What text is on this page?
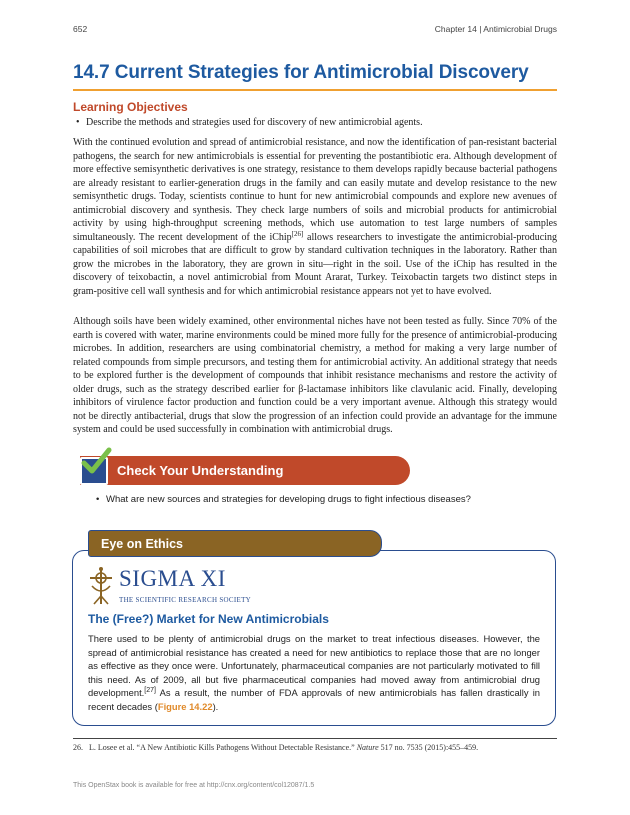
652	Chapter 14 | Antimicrobial Drugs
14.7 Current Strategies for Antimicrobial Discovery
Learning Objectives
• Describe the methods and strategies used for discovery of new antimicrobial agents.

With the continued evolution and spread of antimicrobial resistance, and now the identification of pan-resistant bacterial pathogens, the search for new antimicrobials is essential for preventing the postantibiotic era. Although development of more effective semisynthetic derivatives is one strategy, resistance to them develops rapidly because bacterial pathogens are already resistant to earlier-generation drugs in the family and can easily mutate and develop resistance to the new semisynthetic drugs. Today, scientists continue to hunt for new antimicrobial compounds and explore new avenues of antimicrobial discovery and synthesis. They check large numbers of soils and microbial products for antimicrobial activity by using high-throughput screening methods, which use automation to test large numbers of samples simultaneously. The recent development of the iChip[26] allows researchers to investigate the antimicrobial-producing capabilities of soil microbes that are difficult to grow by standard cultivation techniques in the laboratory. Rather than grow the microbes in the laboratory, they are grown in situ—right in the soil. Use of the iChip has resulted in the discovery of teixobactin, a novel antimicrobial from Mount Ararat, Turkey. Teixobactin targets two distinct steps in gram-positive cell wall synthesis and for which antimicrobial resistance appears not yet to have evolved.

Although soils have been widely examined, other environmental niches have not been tested as fully. Since 70% of the earth is covered with water, marine environments could be mined more fully for the presence of antimicrobial-producing microbes. In addition, researchers are using combinatorial chemistry, a method for making a very large number of related compounds from simple precursors, and testing them for antimicrobial activity. An additional strategy that needs to be explored further is the development of compounds that inhibit resistance mechanisms and restore the activity of older drugs, such as the strategy described earlier for β-lactamase inhibitors like clavulanic acid. Finally, developing inhibitors of virulence factor production and function could be a very important avenue. Although this strategy would not be directly antibacterial, drugs that slow the progression of an infection could provide an advantage for the immune system and could be used successfully in combination with antimicrobial drugs.

Check Your Understanding
• What are new sources and strategies for developing drugs to fight infectious diseases?
Eye on Ethics
SIGMA XI
THE SCIENTIFIC RESEARCH SOCIETY
The (Free?) Market for New Antimicrobials

There used to be plenty of antimicrobial drugs on the market to treat infectious diseases. However, the spread of antimicrobial resistance has created a need for new antibiotics to replace those that are no longer as effective as they once were. Unfortunately, pharmaceutical companies are not particularly motivated to fill this need. As of 2009, all but five pharmaceutical companies had moved away from antimicrobial drug development.[27] As a result, the number of FDA approvals of new antimicrobials has fallen drastically in recent decades (Figure 14.22).

26. L. Losee et al. “A New Antibiotic Kills Pathogens Without Detectable Resistance.” Nature 517 no. 7535 (2015):455–459.

This OpenStax book is available for free at http://cnx.org/content/col12087/1.5
